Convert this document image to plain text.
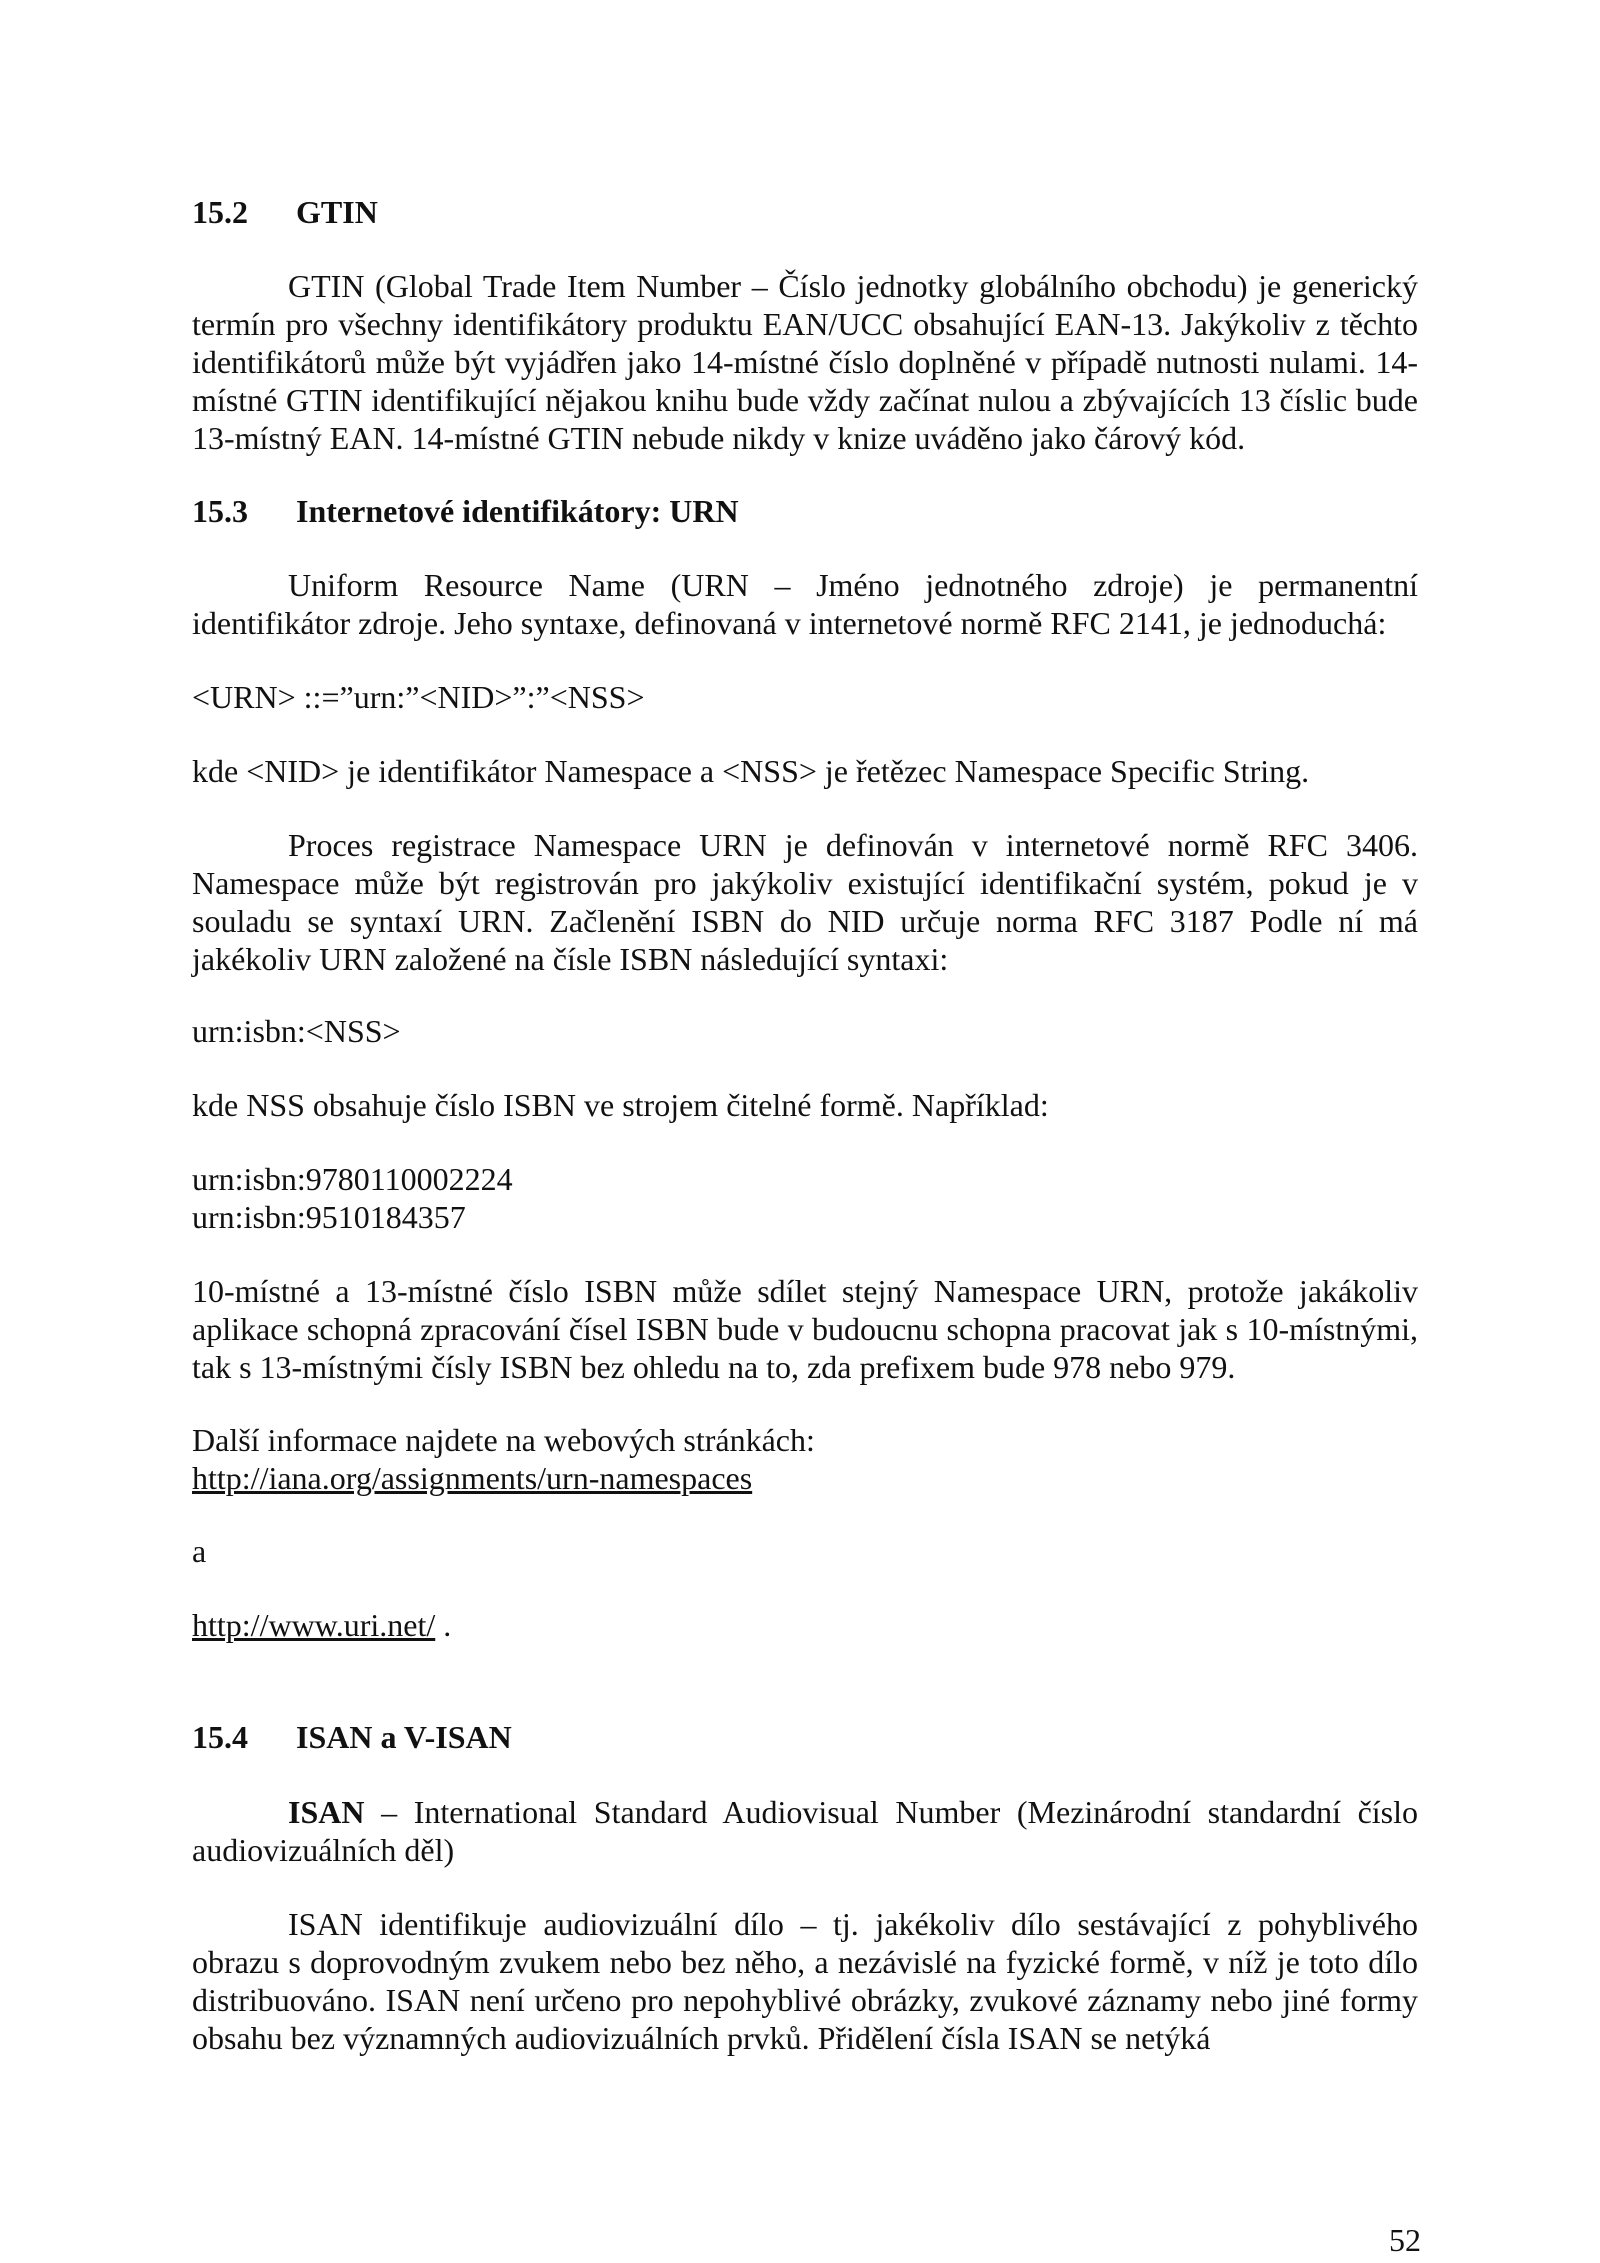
15.2 GTIN

GTIN (Global Trade Item Number – Číslo jednotky globálního obchodu) je generický termín pro všechny identifikátory produktu EAN/UCC obsahující EAN-13. Jakýkoliv z těchto identifikátorů může být vyjádřen jako 14-místné číslo doplněné v případě nutnosti nulami. 14-místné GTIN identifikující nějakou knihu bude vždy začínat nulou a zbývajících 13 číslic bude 13-místný EAN. 14-místné GTIN nebude nikdy v knize uváděno jako čárový kód.

15.3 Internetové identifikátory: URN

Uniform Resource Name (URN – Jméno jednotného zdroje) je permanentní identifikátor zdroje. Jeho syntaxe, definovaná v internetové normě RFC 2141, je jednoduchá:

<URN> ::=”urn:”<NID>”:”<NSS>

kde <NID> je identifikátor Namespace a <NSS> je řetězec Namespace Specific String.

Proces registrace Namespace URN je definován v internetové normě RFC 3406. Namespace může být registrován pro jakýkoliv existující identifikační systém, pokud je v souladu se syntaxí URN. Začlenění ISBN do NID určuje norma RFC 3187 Podle ní má jakékoliv URN založené na čísle ISBN následující syntaxi:

urn:isbn:<NSS>

kde NSS obsahuje číslo ISBN ve strojem čitelné formě. Například:

urn:isbn:9780110002224
urn:isbn:9510184357

10-místné a 13-místné číslo ISBN může sdílet stejný Namespace URN, protože jakákoliv aplikace schopná zpracování čísel ISBN bude v budoucnu schopna pracovat jak s 10-místnými, tak s 13-místnými čísly ISBN bez ohledu na to, zda prefixem bude 978 nebo 979.

Další informace najdete na webových stránkách:
http://iana.org/assignments/urn-namespaces

a

http://www.uri.net/ .

15.4 ISAN a V-ISAN

ISAN – International Standard Audiovisual Number (Mezinárodní standardní číslo audiovizuálních děl)

ISAN identifikuje audiovizuální dílo – tj. jakékoliv dílo sestávající z pohyblivého obrazu s doprovodným zvukem nebo bez něho, a nezávislé na fyzické formě, v níž je toto dílo distribuováno. ISAN není určeno pro nepohyblivé obrázky, zvukové záznamy nebo jiné formy obsahu bez významných audiovizuálních prvků. Přidělení čísla ISAN se netýká

52
